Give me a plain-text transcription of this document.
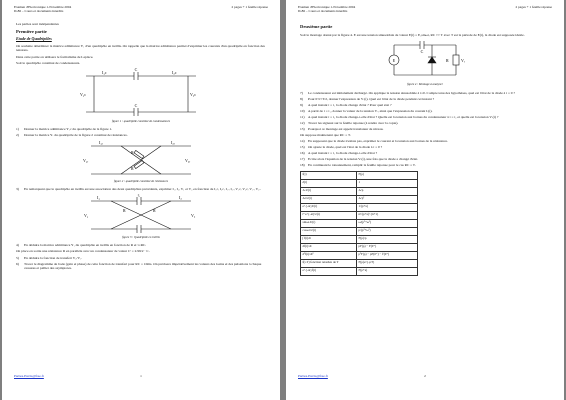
Examen d'Electronique 1-Novembre 2004
Ib.86 – Cours et documents interdits
2 pages + 1 feuille réponse

Les parties sont indépendantes

Première partie
Etude de Quadripôles

On souhaite déterminer la matrice admittance Y₁ d'un quadripôle en treillis. On rappelle que la matrice admittance permet d'exprimer les courants d'un quadripôle en fonction des tensions.

Dans cette partie on utilisera le formalisme de Laplace.

Soit le quadripôle constitué de condensateurs.

C
C
V₁c	V₂c
I₁c	I₂c
figure 1 : quadripôle constitué de condensateurs
1)	Donner la matrice admittance Y₁c du quadripôle de la figure 1.
2)	Donner la matrice Yᵣ du quadripôle de la figure 2 constitué de résistances.
R
R
V₁ᵣ	V₂ᵣ
I₁ᵣ	I₂ᵣ
figure 2 : quadripôle constitué de résistances
3)	En remarquant que le quadripôle en treillis est une association des deux quadripôles précédents, exprimer I₁, I₂, V₁ et V₂ en fonction de I₁c, I₂c, I₁ᵣ, I₂ᵣ, V₁c, V₂c, V₁ᵣ, V₂ᵣ.
C
R	R
V₁	V₂
I₁	I₂
figure 3 : Quadripôle en treillis
4)	En déduire la matrice admittance Y₁ du quadripôle en treillis en fonction de R et τ=RC.

On place en sortie une résistance R en parallèle avec un condensateur de valeur C' = 2.99/2 · C.

5)	En déduire la fonction de transfert V₂/V₁.
6)	Tracer le diagramme de bode (gain et phase) de cette fonction de transfert pour RC = 10ms. On précisera impérativement les valeurs des Gains et des pulsations à chaque cassures et pallier des asymptotes.
Parties.Précis@free.fr	1
Examen d'Electronique 1-Novembre 2004
Ib.86 – Cours et documents interdits
2 pages + 1 feuille réponse
Deuxième partie

Soit le montage donné par la figure 4. E est une tension sinusoïdale de valeur E(t) = E₀sinωt, RC >> T avec T est la période de E(t), la diode est supposée idéale.

E
C
Vᵣ
R
figure 4 : Montage à analyser
7)	Le condensateur est initialement déchargé. On applique la tension sinusoïdale à t=0. Compte tenu des hypothèses, quel est l'état de la diode à t = 0 ?
8)	Pour 0<t<T/2, donner l'expression de Vᵣ(t). Quel est l'état de la diode pendant cet instant ?
9)	A quel instant t = t₁ la diode change d'état ? Pour quel état ?
10) A partir de t = t₁, donner la valeur de la tension Vᵣ, ainsi que l'expression du courant Iᵣ(t).
11) A quel instant t = t₂ la diode change-t-elle d'état ? Quelle est la tension aux bornes du condensateur à t = t₂ et quelle est la tension Vᵣ(t) ?
12) Tracer les signaux sur la feuille réponse (à rendre avec la copie).
13) Pourquoi ce montage est appelé translateur de niveau.

On suppose maintenant que RC = T.

14) En supposant que la diode n'existe pas, exprimer le courant et la tension aux bornes de la résistance.
15) On ajoute la diode, quel est l'état de la diode à t = 0 ?
16) A quel instant t = t₁ la diode change-t-elle d'état ?
17) Ecrire alors l'équation de la tension Vᵣ(t), une fois que la diode a changé d'état.
18) En continuant le raisonnement, remplir la feuille réponse pour le cas RC = T.
f(t)	F(p)
δ(t)	1
A.U(t)	A/p
At.U(t)	A/p²
e^{-at}U(t)	1/(p+a)
tⁿ e^{-at}U(t)	n!/(p+a)^{n+1}
sinωt.U(t)	ω/(p²+ω²)
cosωt.U(t)	p/(p²+ω²)
∫ f(t)dt	F(p)/p
df(t)/dt	pF(p) − F(0⁺)
d²f(t)/dt²	p²F(p) − pF(0⁺) − f'(0⁺)
f(t-T) fonction retardée de T	F(p)e^{-pT}
e^{-at}f(t)	F(p+a)
Parties.Précis@free.fr	2
